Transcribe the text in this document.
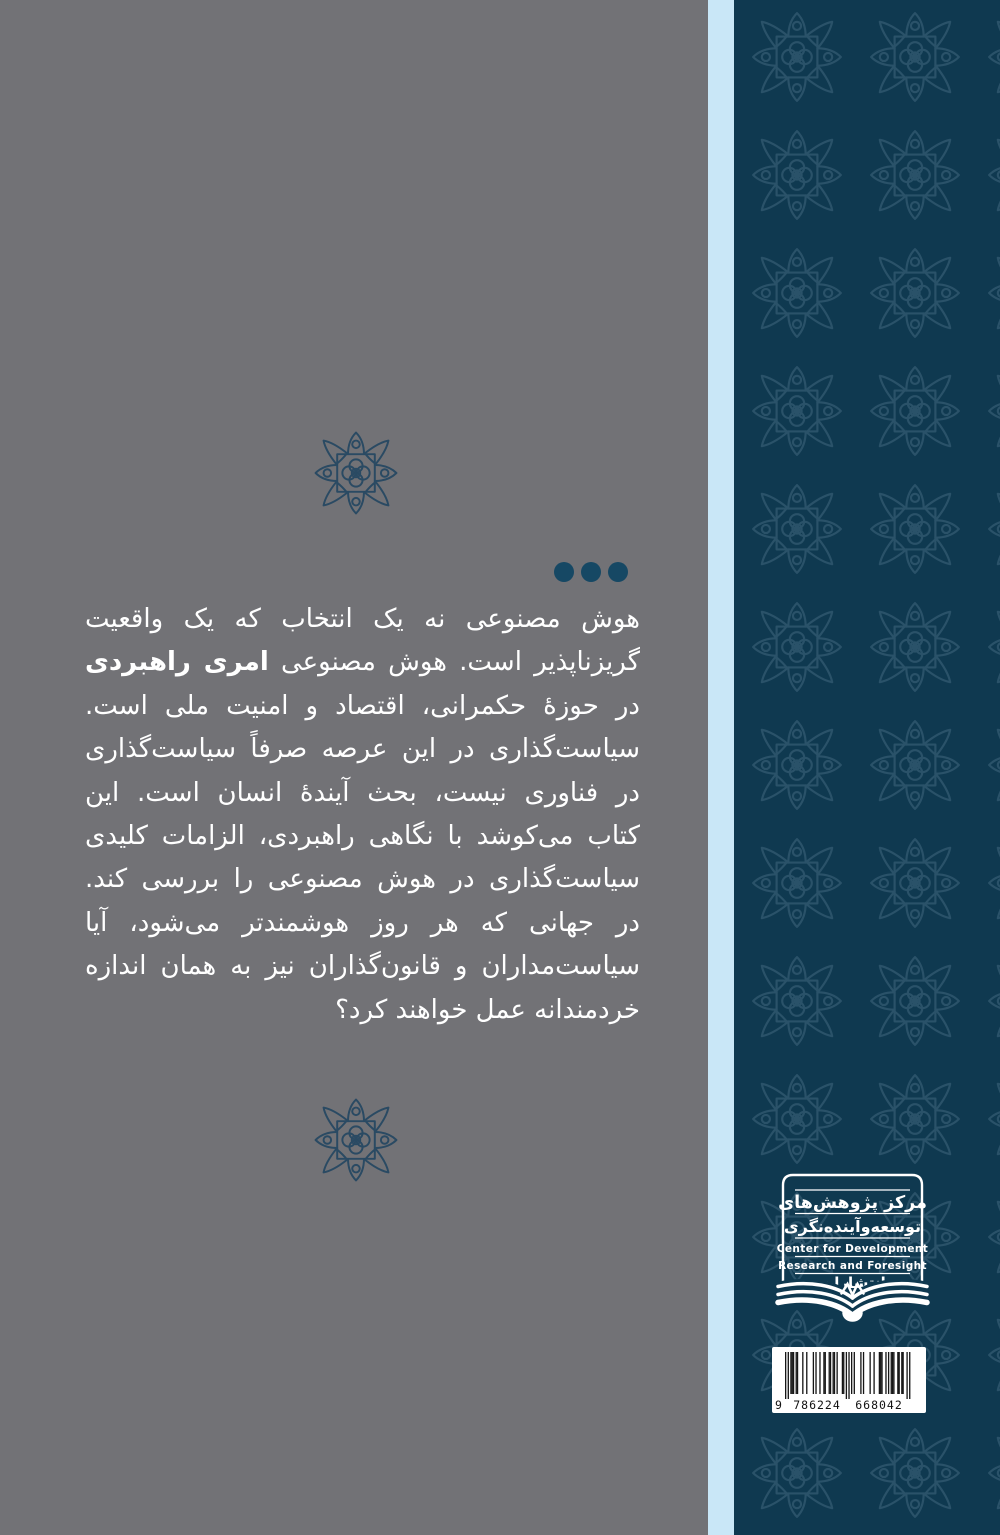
هوش مصنوعی نه یک انتخاب که یک واقعیت
گریزناپذیر است. هوش مصنوعی امری راهبردی
در حوزهٔ حکمرانی، اقتصاد و امنیت ملی است.
سیاست‌گذاری در این عرصه صرفاً سیاست‌گذاری
در فناوری نیست، بحث آیندهٔ انسان است. این
کتاب می‌کوشد با نگاهی راهبردی، الزامات کلیدی
سیاست‌گذاری در هوش مصنوعی را بررسی کند.
در جهانی که هر روز هوشمندتر می‌شود، آیا
سیاست‌مداران و قانون‌گذاران نیز به همان اندازه
خردمندانه عمل خواهند کرد؟
مرکز پژوهش‌های
توسعه‌وآینده‌نگری
Center for Development
Research and Foresight
انتشارات
9 786224 668042
